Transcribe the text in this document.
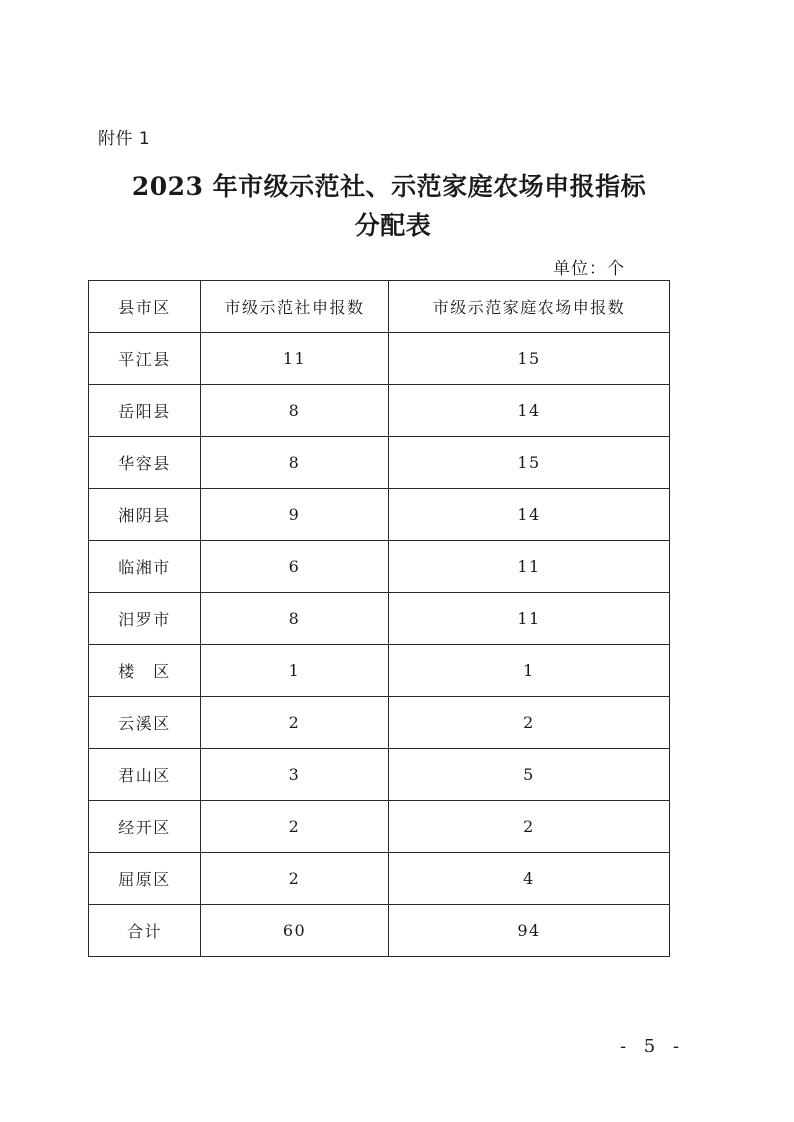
附件 1
2023 年市级示范社、示范家庭农场申报指标
分配表
单位：个
县市区	市级示范社申报数	市级示范家庭农场申报数
平江县	11	15
岳阳县	8	14
华容县	8	15
湘阴县	9	14
临湘市	6	11
汨罗市	8	11
楼　区	1	1
云溪区	2	2
君山区	3	5
经开区	2	2
屈原区	2	4
合计	60	94
- 5 -
